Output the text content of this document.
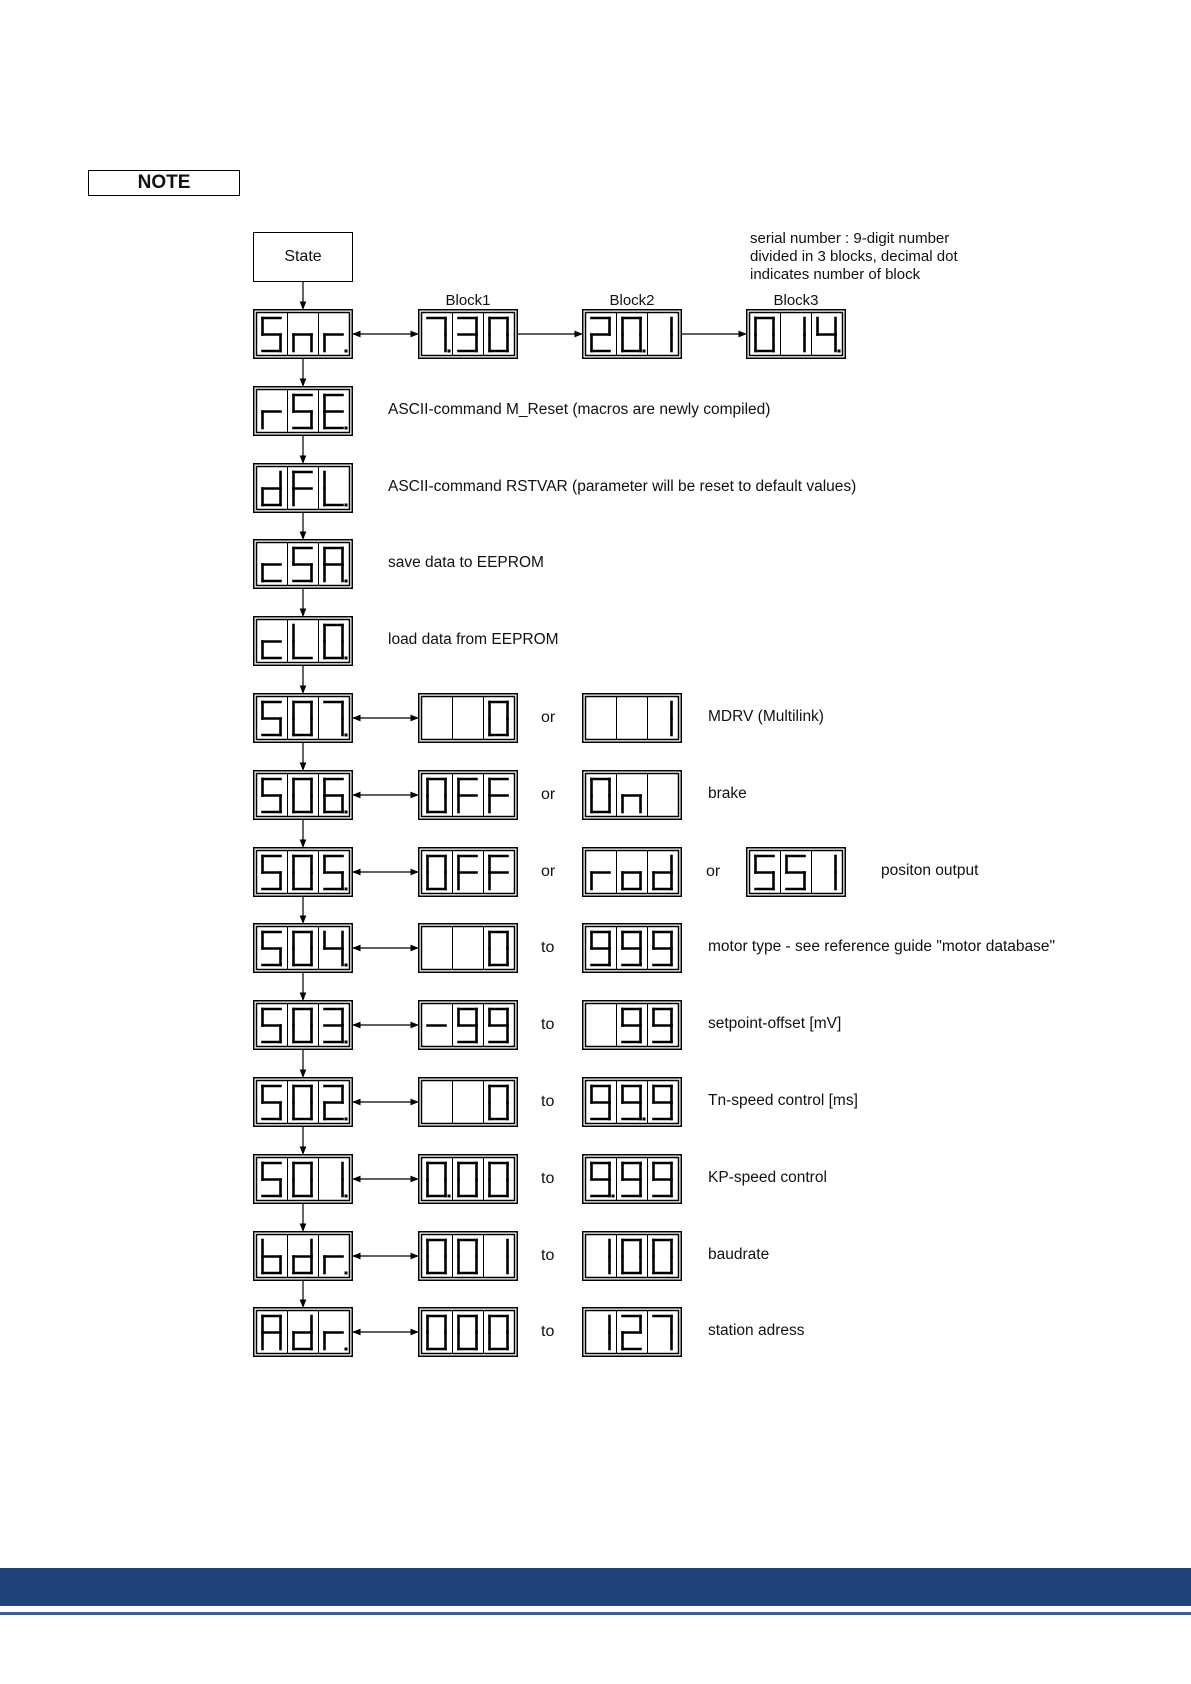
NOTE
State
serial number : 9-digit number
divided in 3 blocks, decimal dot
indicates number of block
Block1	Block2	Block3
ASCII-command M_Reset (macros are newly compiled)
ASCII-command RSTVAR (parameter will be reset to default values)
save data to EEPROM
load data from EEPROM
or	MDRV (Multilink)
or	brake
or	or	positon output
to	motor type - see reference guide "motor database"
to	setpoint-offset [mV]
to	Tn-speed control [ms]
to	KP-speed control
to	baudrate
to	station adress
